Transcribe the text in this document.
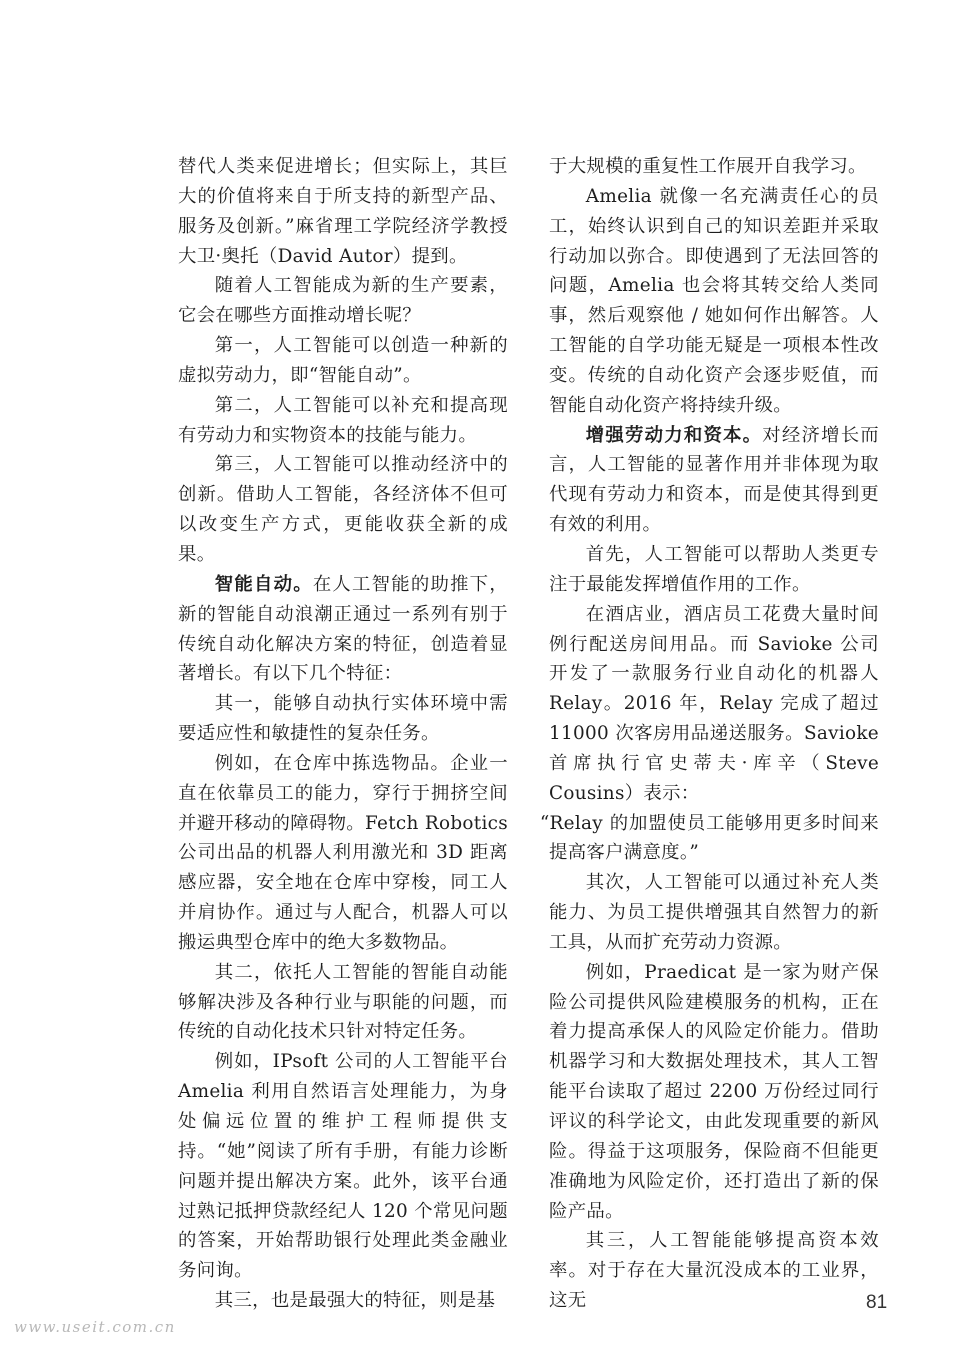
替代人类来促进增长；但实际上，其巨大的价值将来自于所支持的新型产品、服务及创新。”麻省理工学院经济学教授大卫·奥托（David Autor）提到。

随着人工智能成为新的生产要素，它会在哪些方面推动增长呢？

第一，人工智能可以创造一种新的虚拟劳动力，即“智能自动”。

第二，人工智能可以补充和提高现有劳动力和实物资本的技能与能力。

第三，人工智能可以推动经济中的创新。借助人工智能，各经济体不但可以改变生产方式，更能收获全新的成果。

智能自动。在人工智能的助推下，新的智能自动浪潮正通过一系列有别于传统自动化解决方案的特征，创造着显著增长。有以下几个特征：

其一，能够自动执行实体环境中需要适应性和敏捷性的复杂任务。

例如，在仓库中拣选物品。企业一直在依靠员工的能力，穿行于拥挤空间并避开移动的障碍物。Fetch Robotics 公司出品的机器人利用激光和 3D 距离感应器，安全地在仓库中穿梭，同工人并肩协作。通过与人配合，机器人可以搬运典型仓库中的绝大多数物品。

其二，依托人工智能的智能自动能够解决涉及各种行业与职能的问题，而传统的自动化技术只针对特定任务。

例如，IPsoft 公司的人工智能平台 Amelia 利用自然语言处理能力，为身处偏远位置的维护工程师提供支持。“她”阅读了所有手册，有能力诊断问题并提出解决方案。此外，该平台通过熟记抵押贷款经纪人 120 个常见问题的答案，开始帮助银行处理此类金融业务问询。

其三，也是最强大的特征，则是基

于大规模的重复性工作展开自我学习。

Amelia 就像一名充满责任心的员工，始终认识到自己的知识差距并采取行动加以弥合。即使遇到了无法回答的问题，Amelia 也会将其转交给人类同事，然后观察他 / 她如何作出解答。人工智能的自学功能无疑是一项根本性改变。传统的自动化资产会逐步贬值，而智能自动化资产将持续升级。

增强劳动力和资本。对经济增长而言，人工智能的显著作用并非体现为取代现有劳动力和资本，而是使其得到更有效的利用。

首先，人工智能可以帮助人类更专注于最能发挥增值作用的工作。

在酒店业，酒店员工花费大量时间例行配送房间用品。而 Savioke 公司开发了一款服务行业自动化的机器人 Relay。2016 年，Relay 完成了超过 11000 次客房用品递送服务。Savioke 首席执行官史蒂夫·库辛（Steve Cousins）表示：

“Relay 的加盟使员工能够用更多时间来提高客户满意度。”

其次，人工智能可以通过补充人类能力、为员工提供增强其自然智力的新工具，从而扩充劳动力资源。

例如，Praedicat 是一家为财产保险公司提供风险建模服务的机构，正在着力提高承保人的风险定价能力。借助机器学习和大数据处理技术，其人工智能平台读取了超过 2200 万份经过同行评议的科学论文，由此发现重要的新风险。得益于这项服务，保险商不但能更准确地为风险定价，还打造出了新的保险产品。

其三，人工智能能够提高资本效率。对于存在大量沉没成本的工业界，这无	81
www.useit.com.cn
